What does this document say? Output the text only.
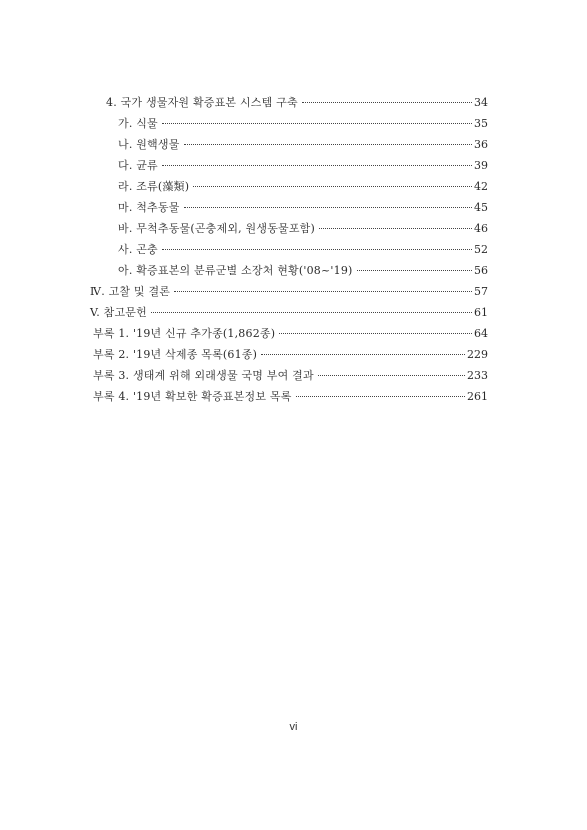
4. 국가 생물자원 확증표본 시스템 구축	34
가. 식물	35
나. 원핵생물	36
다. 균류	39
라. 조류(藻類)	42
마. 척추동물	45
바. 무척추동물(곤충제외, 원생동물포함)	46
사. 곤충	52
아. 확증표본의 분류군별 소장처 현황('08~'19)	56
Ⅳ. 고찰 및 결론	57
V. 참고문헌	61
부록 1. '19년 신규 추가종(1,862종)	64
부록 2. '19년 삭제종 목록(61종)	229
부록 3. 생태계 위해 외래생물 국명 부여 결과	233
부록 4. '19년 확보한 확증표본정보 목록	261
vi
